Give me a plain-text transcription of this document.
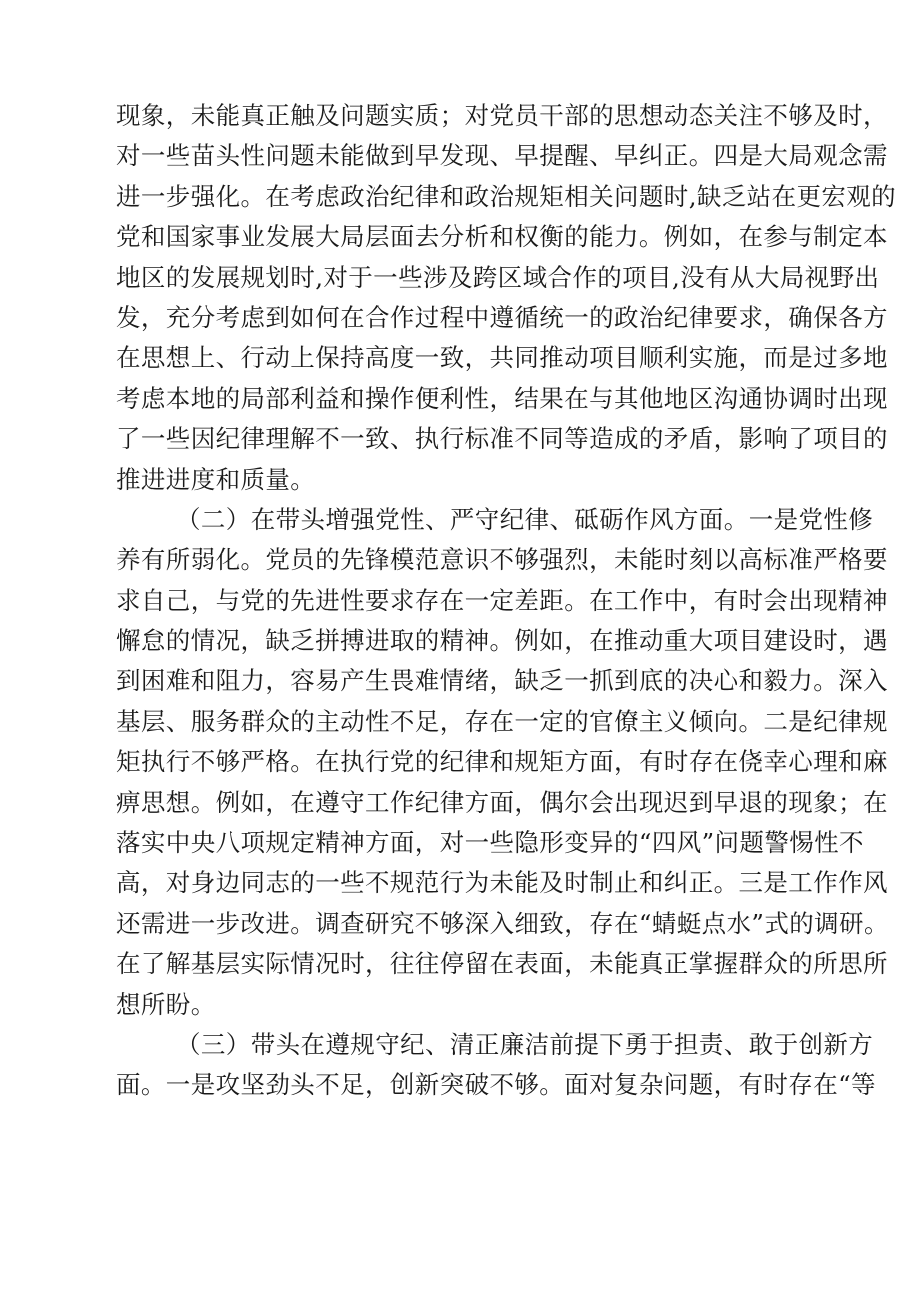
现象，未能真正触及问题实质；对党员干部的思想动态关注不够及时，
对一些苗头性问题未能做到早发现、早提醒、早纠正。四是大局观念需
进一步强化。在考虑政治纪律和政治规矩相关问题时,缺乏站在更宏观的
党和国家事业发展大局层面去分析和权衡的能力。例如，在参与制定本
地区的发展规划时,对于一些涉及跨区域合作的项目,没有从大局视野出
发，充分考虑到如何在合作过程中遵循统一的政治纪律要求，确保各方
在思想上、行动上保持高度一致，共同推动项目顺利实施，而是过多地
考虑本地的局部利益和操作便利性，结果在与其他地区沟通协调时出现
了一些因纪律理解不一致、执行标准不同等造成的矛盾，影响了项目的
推进进度和质量。
（二）在带头增强党性、严守纪律、砥砺作风方面。一是党性修
养有所弱化。党员的先锋模范意识不够强烈，未能时刻以高标准严格要
求自己，与党的先进性要求存在一定差距。在工作中，有时会出现精神
懈怠的情况，缺乏拼搏进取的精神。例如，在推动重大项目建设时，遇
到困难和阻力，容易产生畏难情绪，缺乏一抓到底的决心和毅力。深入
基层、服务群众的主动性不足，存在一定的官僚主义倾向。二是纪律规
矩执行不够严格。在执行党的纪律和规矩方面，有时存在侥幸心理和麻
痹思想。例如，在遵守工作纪律方面，偶尔会出现迟到早退的现象；在
落实中央八项规定精神方面，对一些隐形变异的“四风”问题警惕性不
高，对身边同志的一些不规范行为未能及时制止和纠正。三是工作作风
还需进一步改进。调查研究不够深入细致，存在“蜻蜓点水”式的调研。
在了解基层实际情况时，往往停留在表面，未能真正掌握群众的所思所
想所盼。
（三）带头在遵规守纪、清正廉洁前提下勇于担责、敢于创新方
面。一是攻坚劲头不足，创新突破不够。面对复杂问题，有时存在“等
